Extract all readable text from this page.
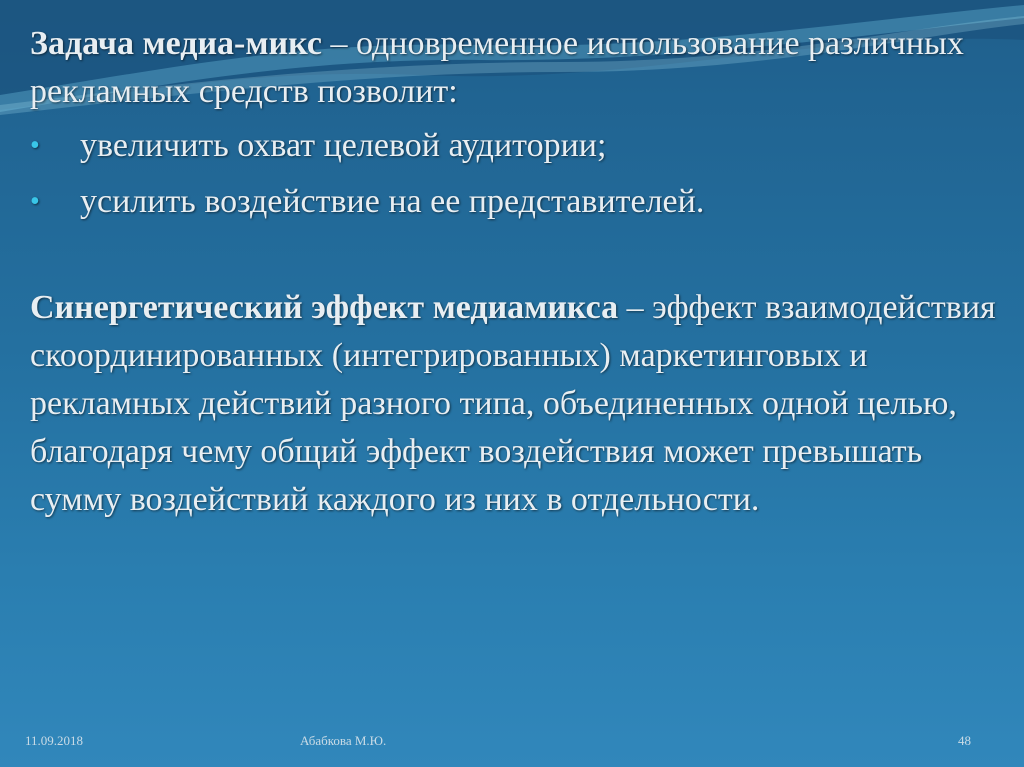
Задача медиа-микс – одновременное использование различных рекламных средств позволит:

• увеличить охват целевой аудитории;
• усилить воздействие на ее представителей.

Синергетический эффект медиамикса – эффект взаимодействия скоординированных (интегрированных) маркетинговых и рекламных действий разного типа, объединенных одной целью, благодаря чему общий эффект воздействия может превышать сумму воздействий каждого из них в отдельности.

11.09.2018	Абабкова М.Ю.	48
